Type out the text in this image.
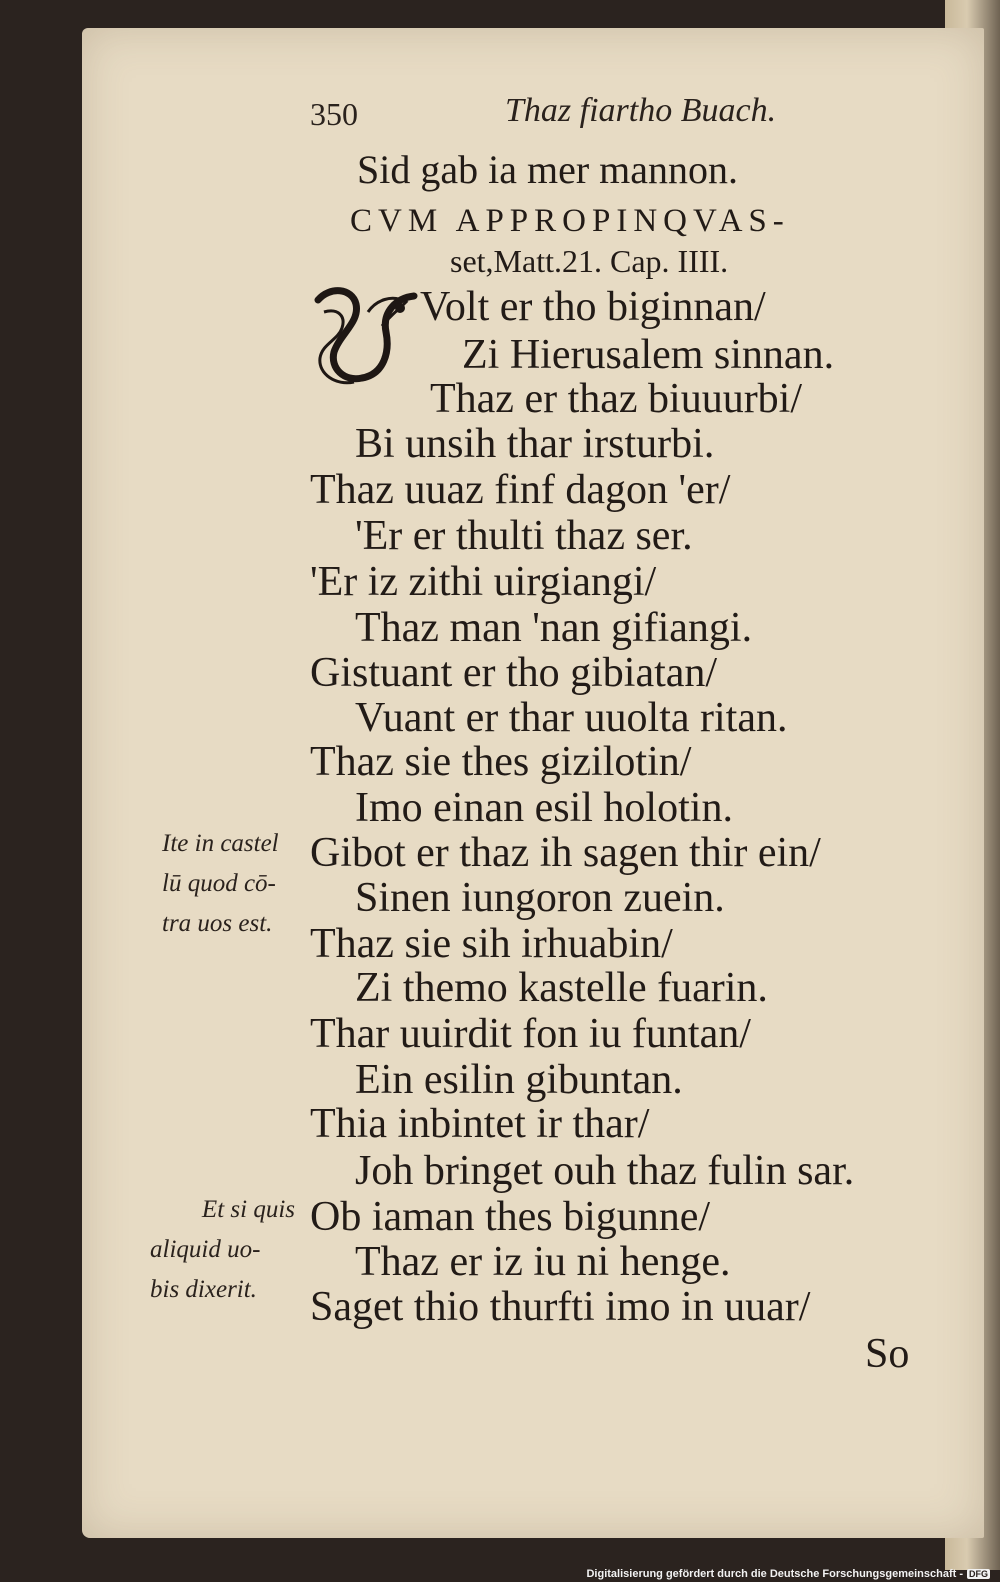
350	Thaz fiartho Buach.
Sid gab ia mer mannon.
CVM APPROPINQVAS-
set,Matt.21. Cap. IIII.
Volt er tho biginnan/
Zi Hierusalem sinnan.
Thaz er thaz biuuurbi/
Bi unsih thar irsturbi.
Thaz uuaz finf dagon 'er/
'Er er thulti thaz ser.
'Er iz zithi uirgiangi/
Thaz man 'nan gifiangi.
Gistuant er tho gibiatan/
Vuant er thar uuolta ritan.
Thaz sie thes gizilotin/
Imo einan esil holotin.
Gibot er thaz ih sagen thir ein/
Sinen iungoron zuein.
Thaz sie sih irhuabin/
Zi themo kastelle fuarin.
Thar uuirdit fon iu funtan/
Ein esilin gibuntan.
Thia inbintet ir thar/
Joh bringet ouh thaz fulin sar.
Ob iaman thes bigunne/
Thaz er iz iu ni henge.
Saget thio thurfti imo in uuar/
So
Ite in castel
lū quod cō-
tra uos est.
Et si quis
aliquid uo-
bis dixerit.
Digitalisierung gefördert durch die Deutsche Forschungsgemeinschaft - DFG
